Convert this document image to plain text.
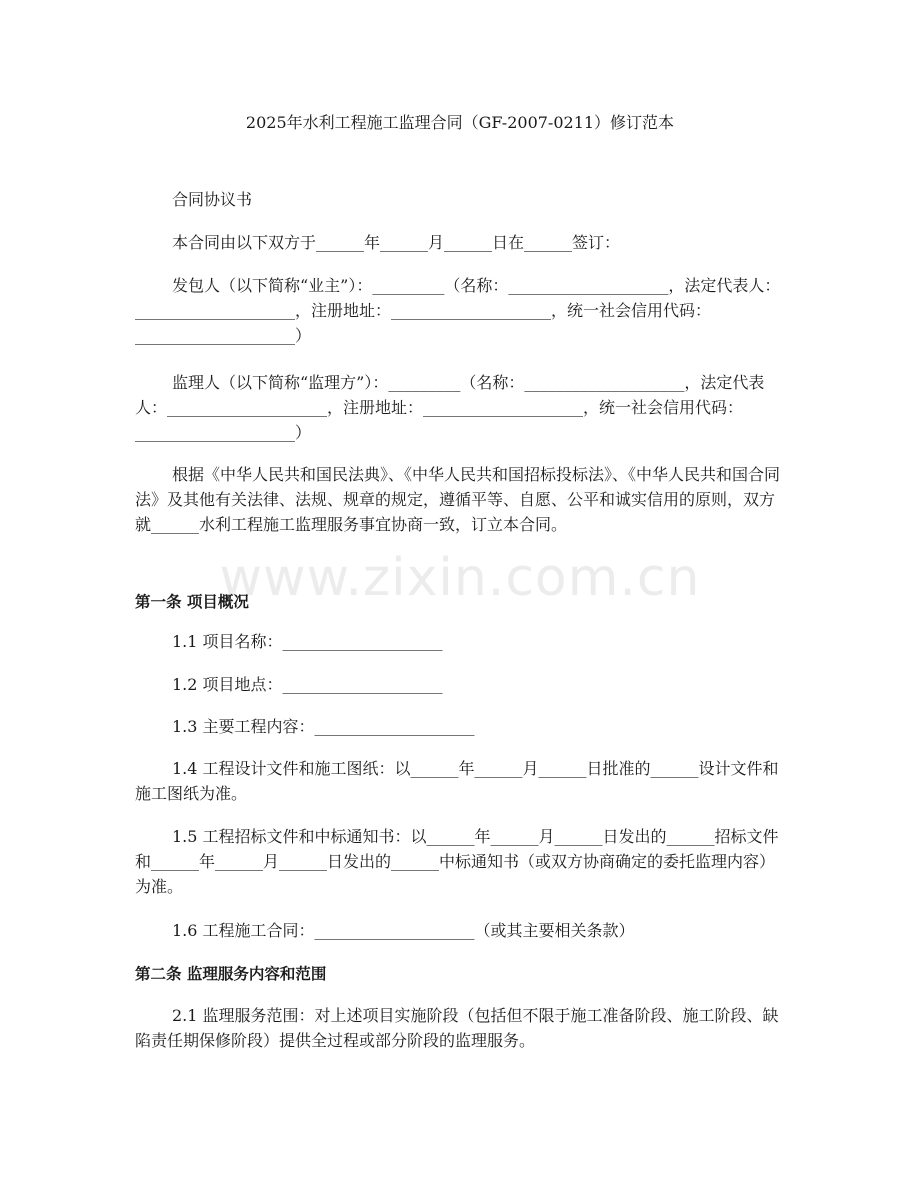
www.zixin.com.cn
2025年水利工程施工监理合同（GF-2007-0211）修订范本
合同协议书
本合同由以下双方于______年______月______日在______签订：
发包人（以下简称“业主”）：_________（名称：____________________，法定代表人：____________________，注册地址：____________________，统一社会信用代码：____________________）
监理人（以下简称“监理方”）：_________（名称：____________________，法定代表人：____________________，注册地址：____________________，统一社会信用代码：____________________）
根据《中华人民共和国民法典》、《中华人民共和国招标投标法》、《中华人民共和国合同法》及其他有关法律、法规、规章的规定，遵循平等、自愿、公平和诚实信用的原则，双方就______水利工程施工监理服务事宜协商一致，订立本合同。
第一条 项目概况
1.1 项目名称：____________________
1.2 项目地点：____________________
1.3 主要工程内容：____________________
1.4 工程设计文件和施工图纸：以______年______月______日批准的______设计文件和施工图纸为准。
1.5 工程招标文件和中标通知书：以______年______月______日发出的______招标文件和______年______月______日发出的______中标通知书（或双方协商确定的委托监理内容）为准。
1.6 工程施工合同：____________________（或其主要相关条款）
第二条 监理服务内容和范围
2.1 监理服务范围：对上述项目实施阶段（包括但不限于施工准备阶段、施工阶段、缺陷责任期保修阶段）提供全过程或部分阶段的监理服务。
